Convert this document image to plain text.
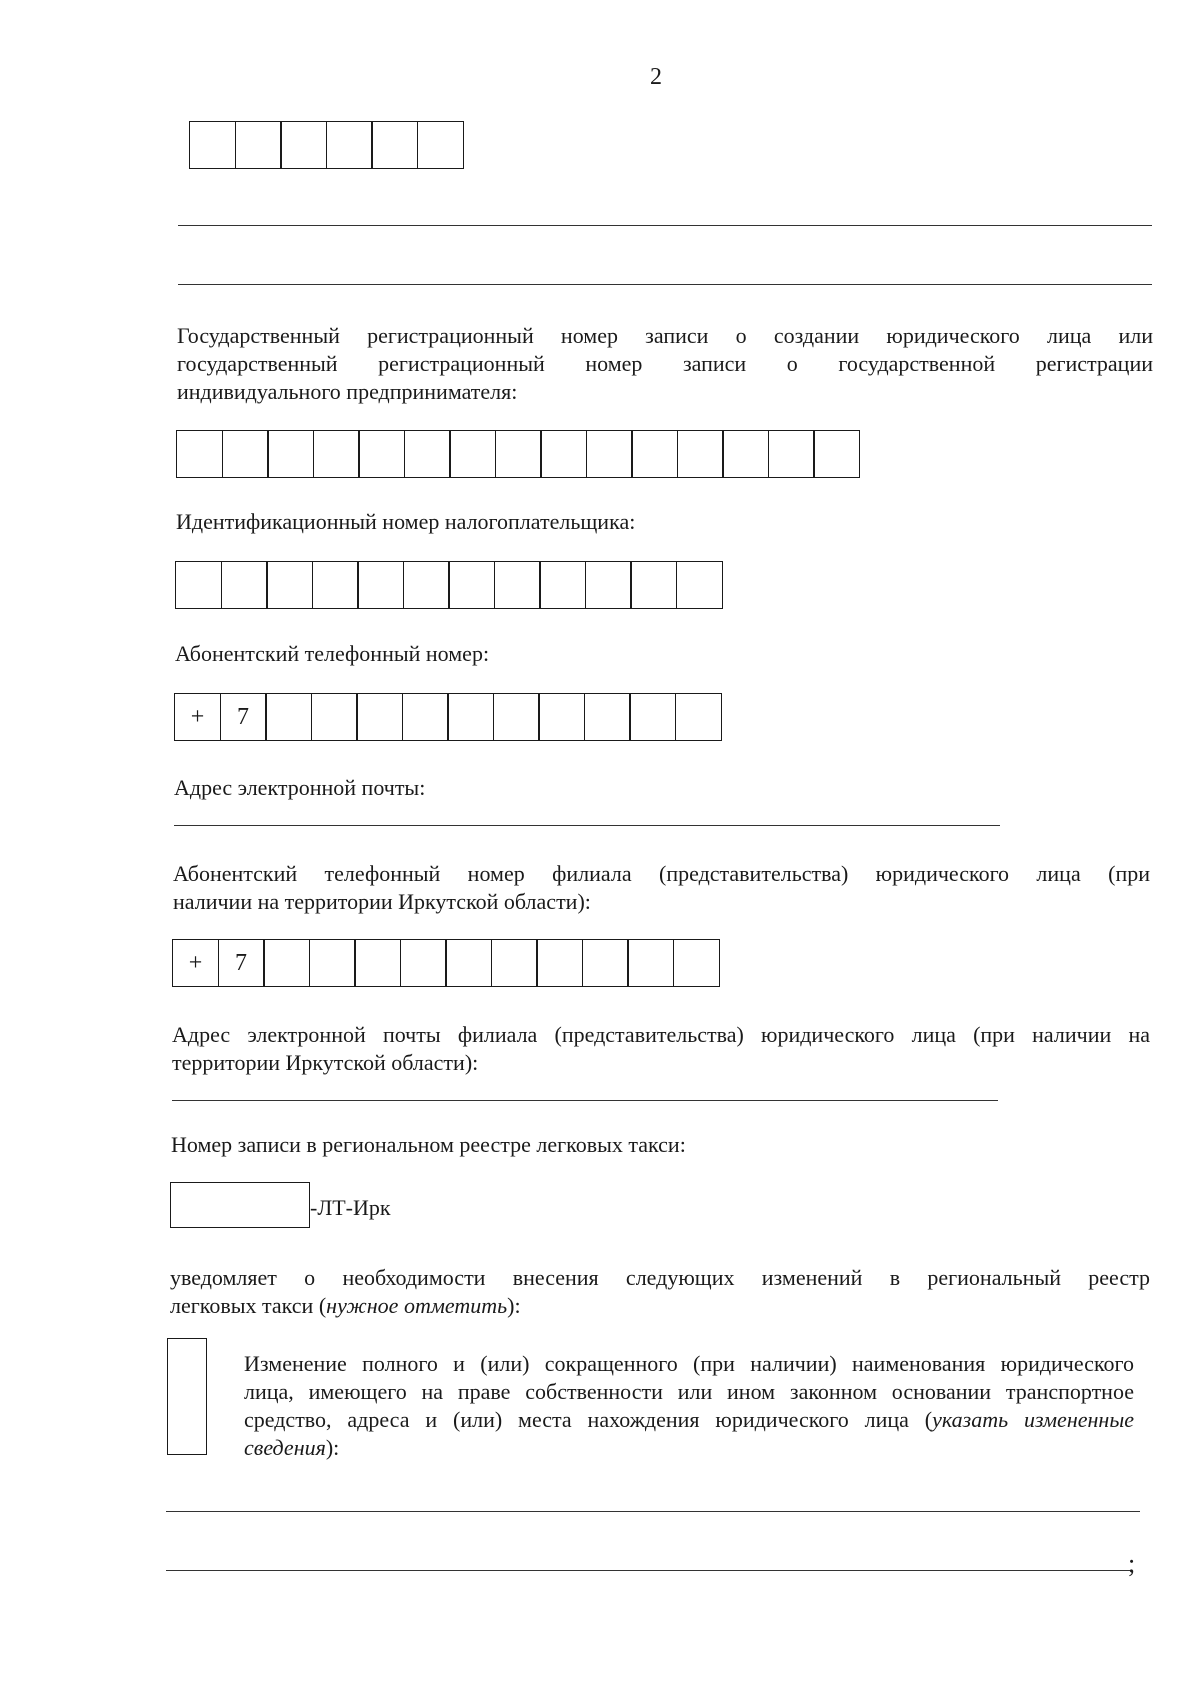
2
Государственный регистрационный номер записи о создании юридического лица или
государственный регистрационный номер записи о государственной регистрации
индивидуального предпринимателя:
Идентификационный номер налогоплательщика:
Абонентский телефонный номер:
+	7
Адрес электронной почты:
Абонентский телефонный номер филиала (представительства) юридического лица (при
наличии на территории Иркутской области):
+	7
Адрес электронной почты филиала (представительства) юридического лица (при наличии на
территории Иркутской области):
Номер записи в региональном реестре легковых такси:
-ЛТ-Ирк
уведомляет о необходимости внесения следующих изменений в региональный реестр
легковых такси (нужное отметить):
Изменение полного и (или) сокращенного (при наличии) наименования юридического
лица, имеющего на праве собственности или ином законном основании транспортное
средство, адреса и (или) места нахождения юридического лица (указать измененные
сведения):
;
